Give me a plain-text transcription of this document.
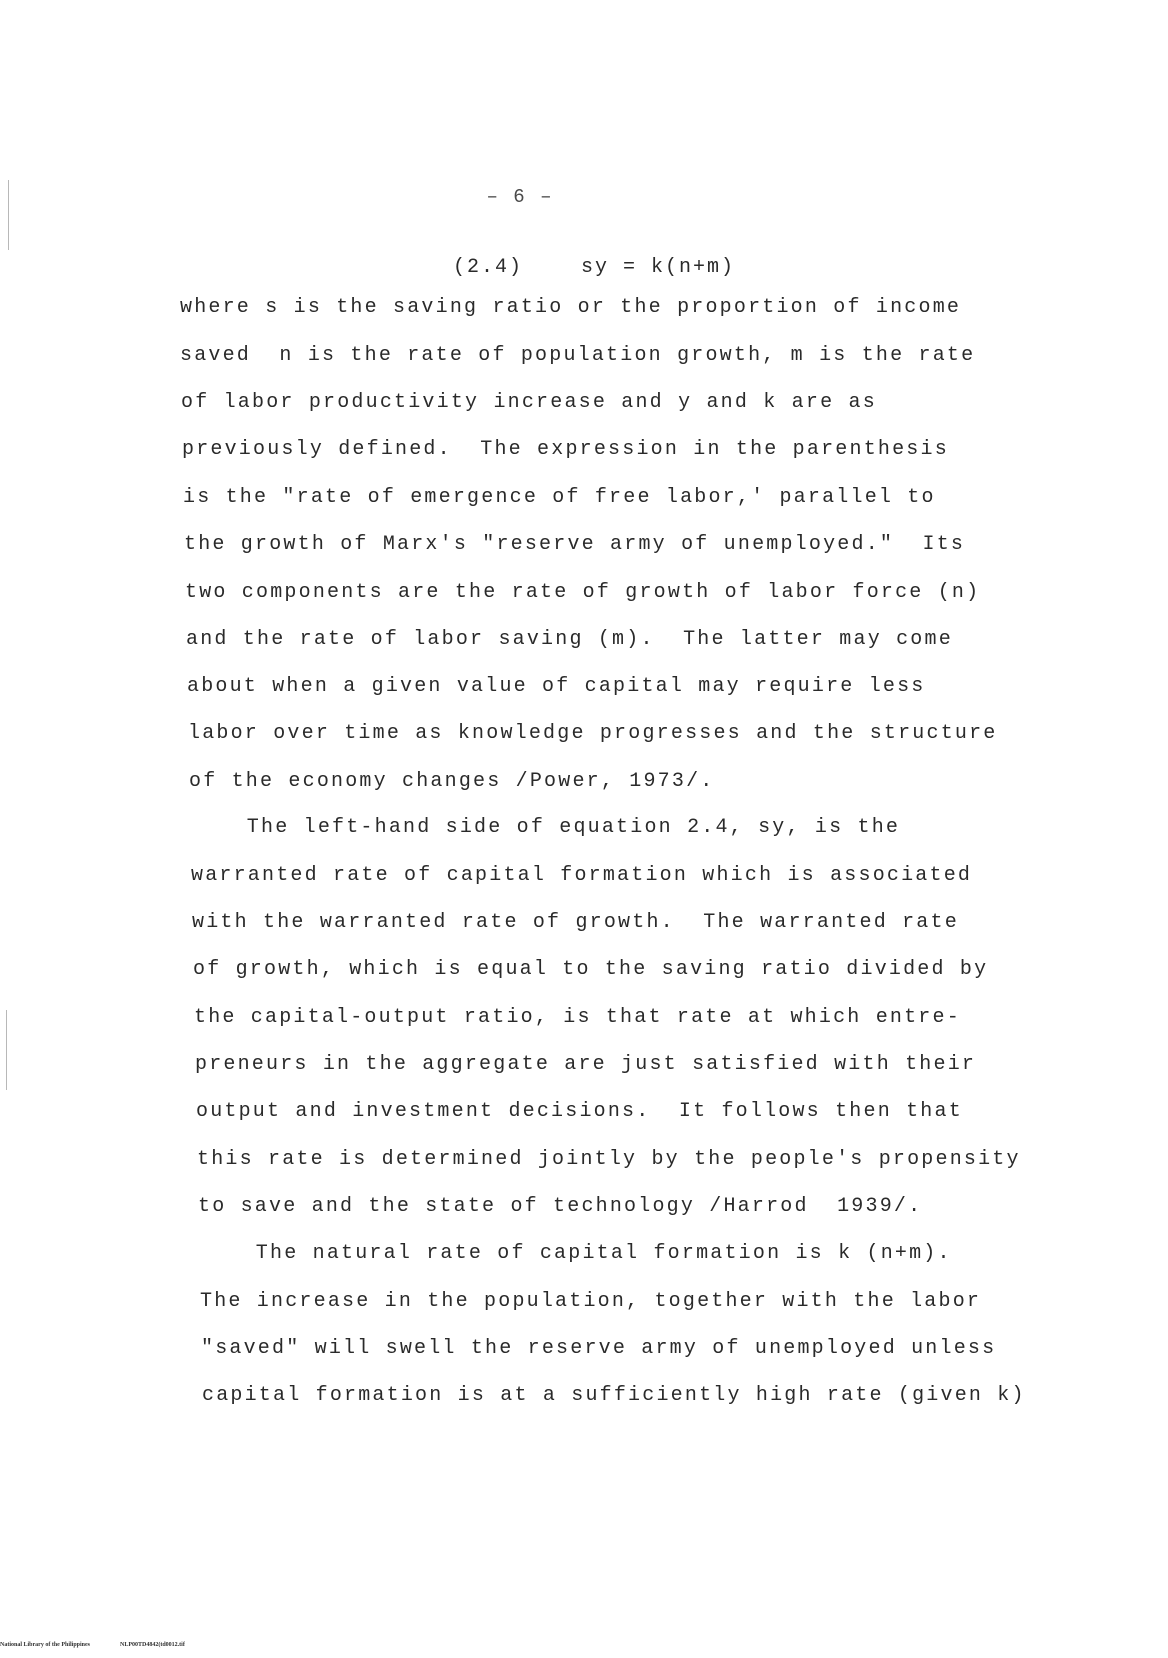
– 6 –
(2.4)	sy = k(n+m)
where s is the saving ratio or the proportion of income
saved  n is the rate of population growth, m is the rate
of labor productivity increase and y and k are as
previously defined.  The expression in the parenthesis
is the "rate of emergence of free labor,' parallel to
the growth of Marx's "reserve army of unemployed."  Its
two components are the rate of growth of labor force (n)
and the rate of labor saving (m).  The latter may come
about when a given value of capital may require less
labor over time as knowledge progresses and the structure
of the economy changes /Power, 1973/.
The left-hand side of equation 2.4, sy, is the
warranted rate of capital formation which is associated
with the warranted rate of growth.  The warranted rate
of growth, which is equal to the saving ratio divided by
the capital-output ratio, is that rate at which entre-
preneurs in the aggregate are just satisfied with their
output and investment decisions.  It follows then that
this rate is determined jointly by the people's propensity
to save and the state of technology /Harrod  1939/.
The natural rate of capital formation is k (n+m).
The increase in the population, together with the labor
"saved" will swell the reserve army of unemployed unless
capital formation is at a sufficiently high rate (given k)
National Library of the Philippines	NLP00TD4842(td0012.tif
